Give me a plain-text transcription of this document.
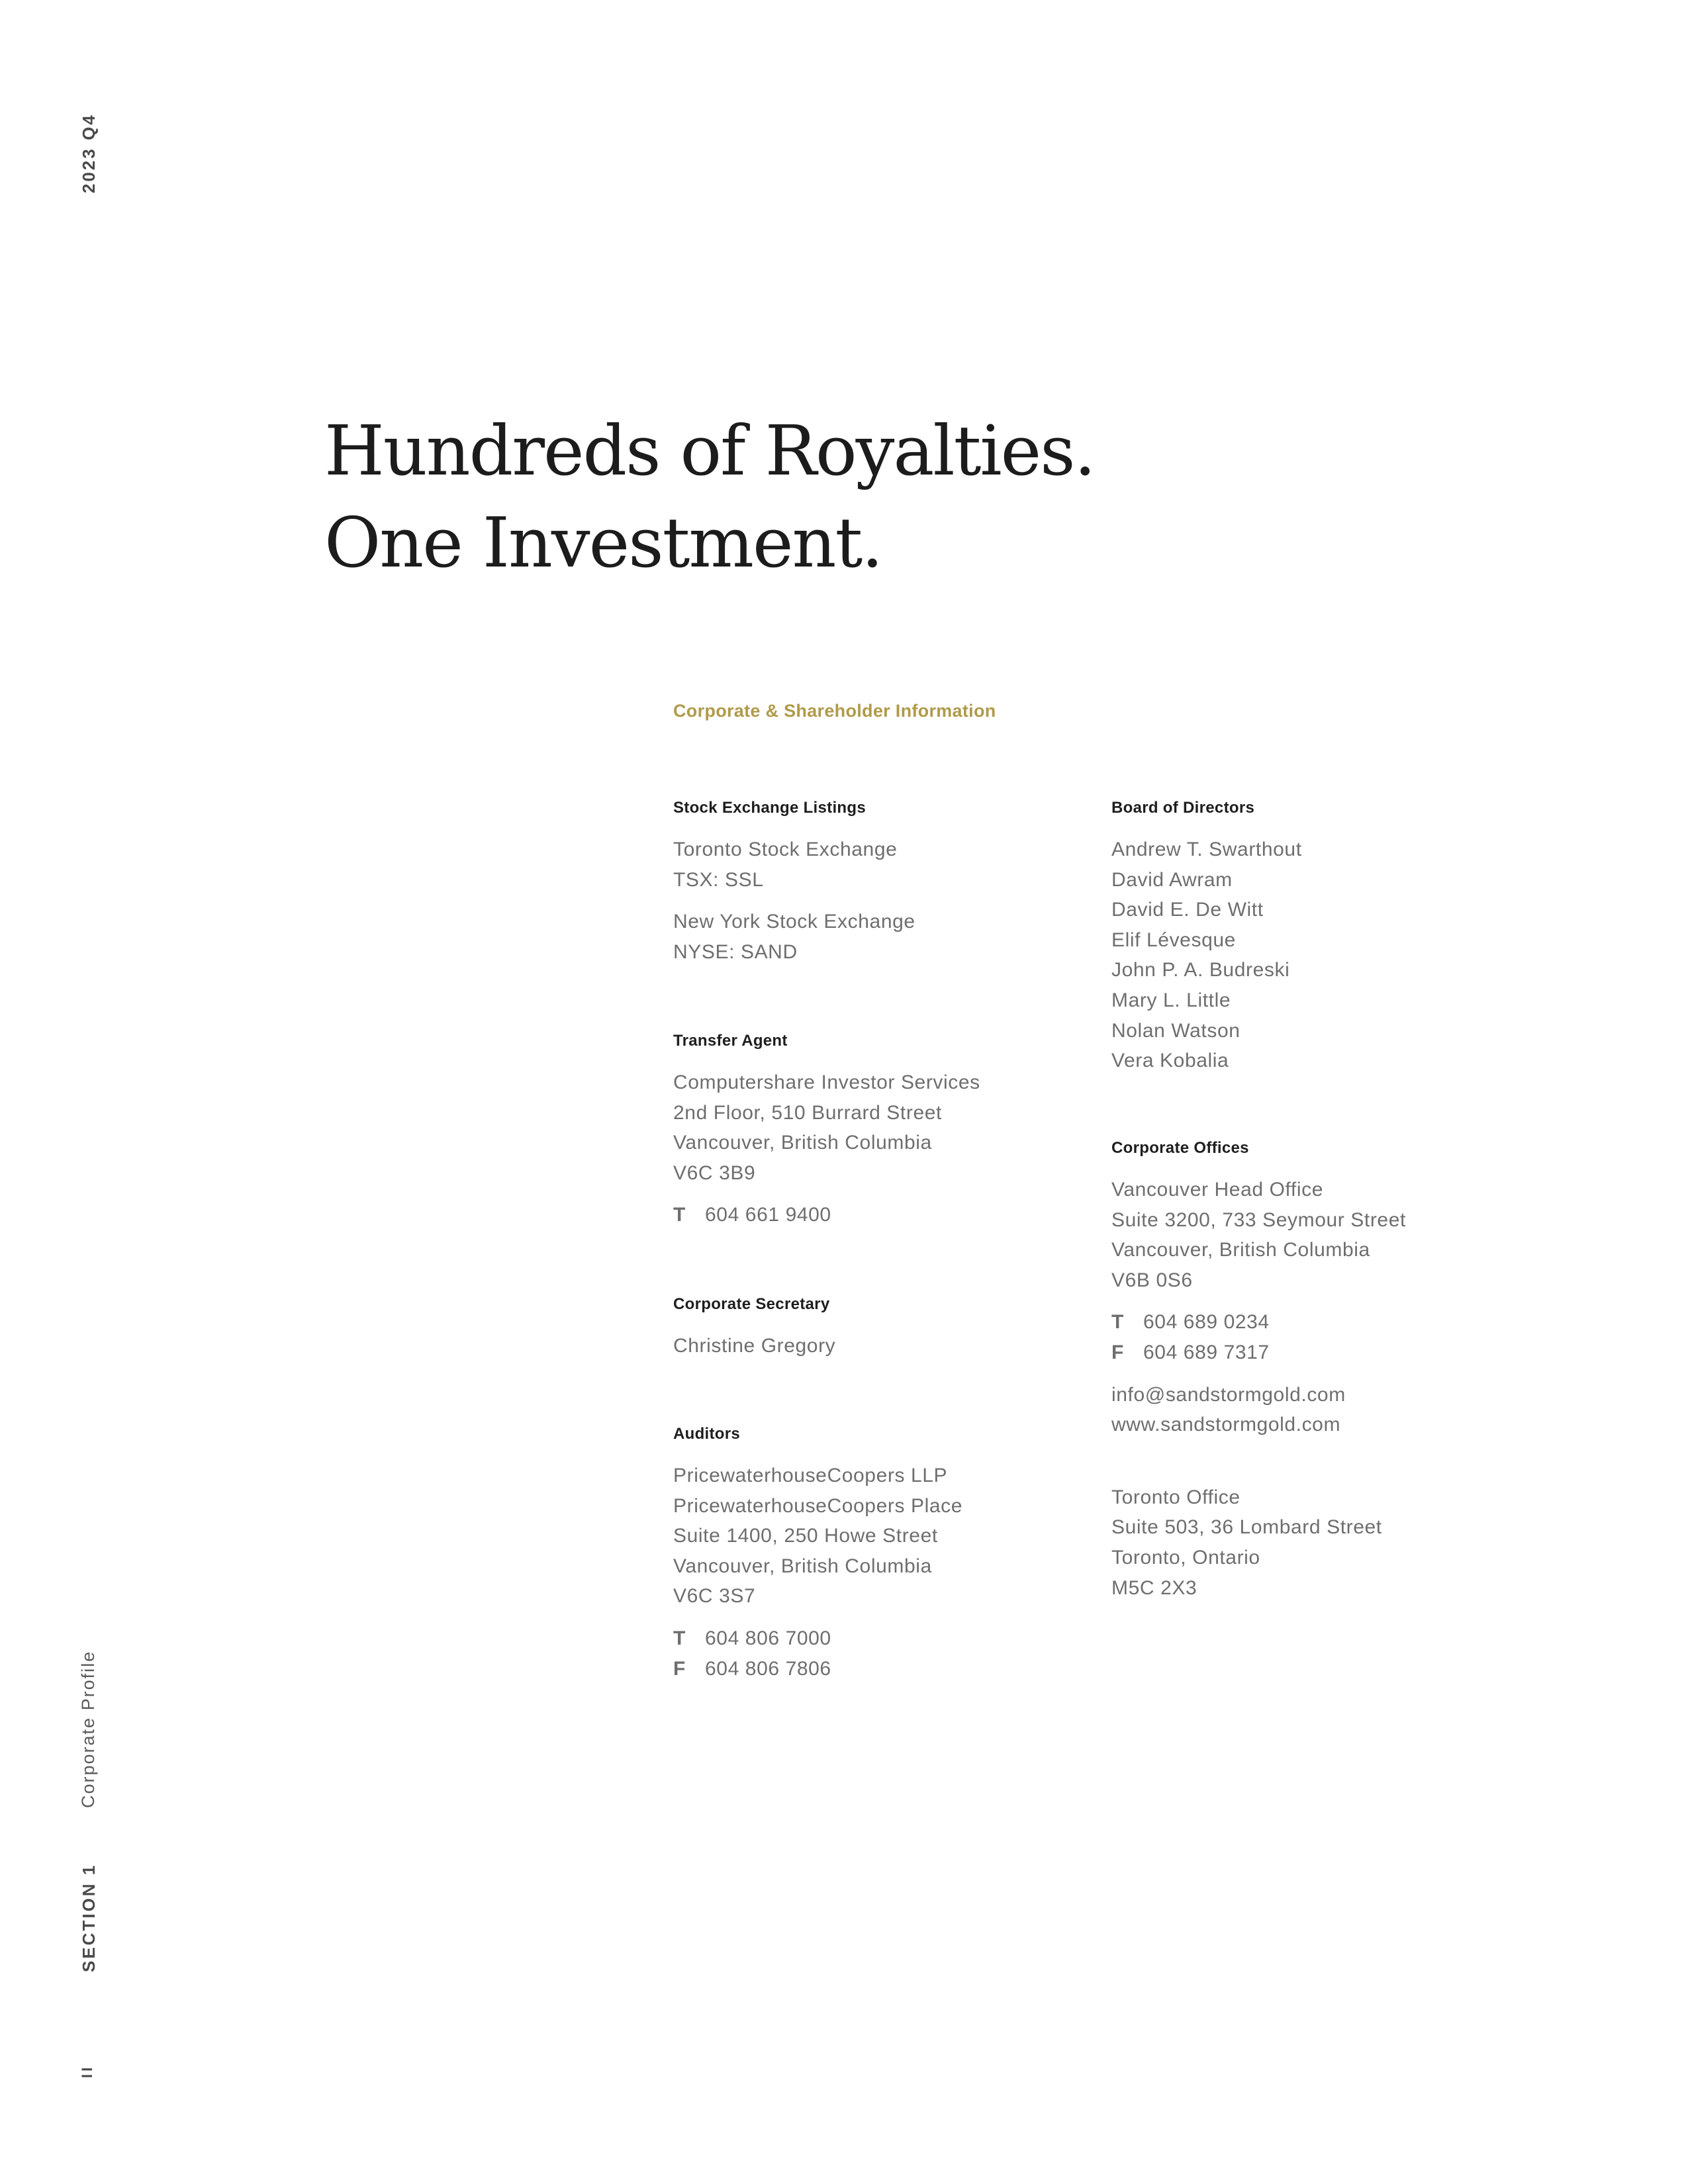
2023 Q4
Corporate Profile
SECTION 1
II
Hundreds of Royalties.
One Investment.
Corporate & Shareholder Information
Stock Exchange Listings
Toronto Stock Exchange
TSX: SSL
New York Stock Exchange
NYSE: SAND
Transfer Agent
Computershare Investor Services
2nd Floor, 510 Burrard Street
Vancouver, British Columbia
V6C 3B9
T 604 661 9400
Corporate Secretary
Christine Gregory
Auditors
PricewaterhouseCoopers LLP
PricewaterhouseCoopers Place
Suite 1400, 250 Howe Street
Vancouver, British Columbia
V6C 3S7
T 604 806 7000
F 604 806 7806
Board of Directors
Andrew T. Swarthout
David Awram
David E. De Witt
Elif Lévesque
John P. A. Budreski
Mary L. Little
Nolan Watson
Vera Kobalia
Corporate Offices
Vancouver Head Office
Suite 3200, 733 Seymour Street
Vancouver, British Columbia
V6B 0S6
T 604 689 0234
F 604 689 7317
info@sandstormgold.com
www.sandstormgold.com
Toronto Office
Suite 503, 36 Lombard Street
Toronto, Ontario
M5C 2X3
